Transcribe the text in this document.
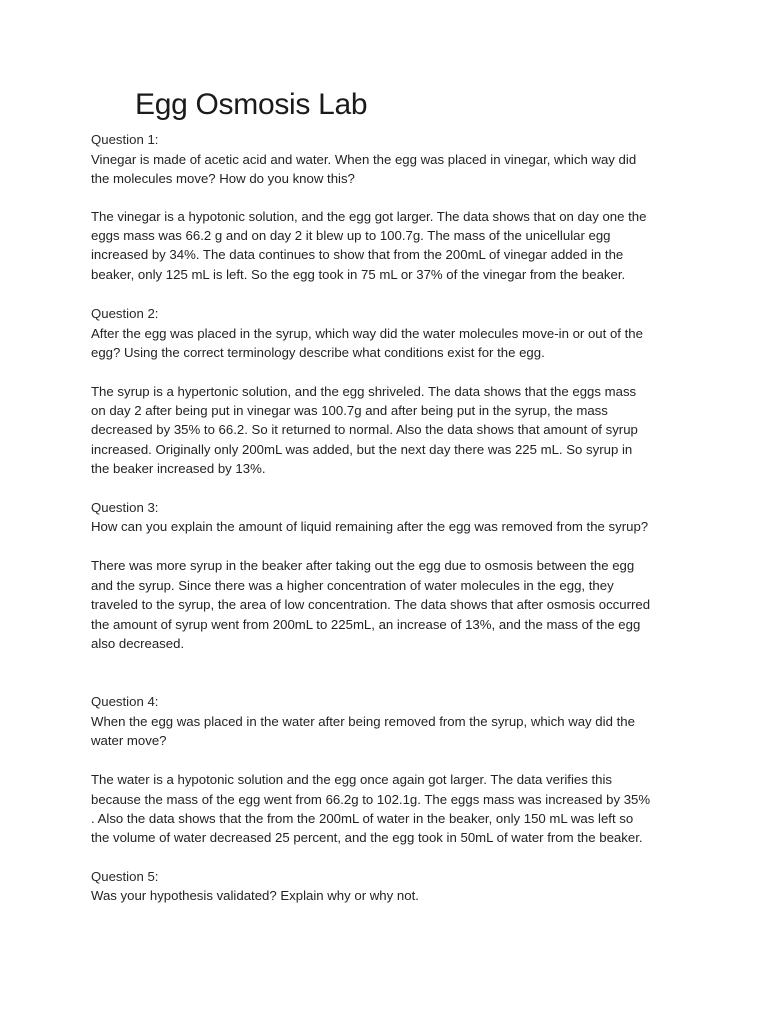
Egg Osmosis Lab
Question 1:
Vinegar is made of acetic acid and water. When the egg was placed in vinegar, which way did
the molecules move? How do you know this?
The vinegar is a hypotonic solution, and the egg got larger. The data shows that on day one the
eggs mass was 66.2 g and on day 2 it blew up to 100.7g. The mass of the unicellular egg
increased by 34%. The data continues to show that from the 200mL of vinegar added in the
beaker, only 125 mL is left. So the egg took in 75 mL or 37% of the vinegar from the beaker.
Question 2:
After the egg was placed in the syrup, which way did the water molecules move-in or out of the
egg? Using the correct terminology describe what conditions exist for the egg.
The syrup is a hypertonic solution, and the egg shriveled. The data shows that the eggs mass
on day 2 after being put in vinegar was 100.7g and after being put in the syrup, the mass
decreased by 35% to 66.2. So it returned to normal. Also the data shows that amount of syrup
increased. Originally only 200mL was added, but the next day there was 225 mL. So syrup in
the beaker increased by 13%.
Question 3:
How can you explain the amount of liquid remaining after the egg was removed from the syrup?
There was more syrup in the beaker after taking out the egg due to osmosis between the egg
and the syrup. Since there was a higher concentration of water molecules in the egg, they
traveled to the syrup, the area of low concentration. The data shows that after osmosis occurred
the amount of syrup went from 200mL to 225mL, an increase of 13%, and the mass of the egg
also decreased.
Question 4:
When the egg was placed in the water after being removed from the syrup, which way did the
water move?
The water is a hypotonic solution and the egg once again got larger. The data verifies this
because the mass of the egg went from 66.2g to 102.1g. The eggs mass was increased by 35%
. Also the data shows that the from the 200mL of water in the beaker, only 150 mL was left so
the volume of water decreased 25 percent, and the egg took in 50mL of water from the beaker.
Question 5:
Was your hypothesis validated? Explain why or why not.
